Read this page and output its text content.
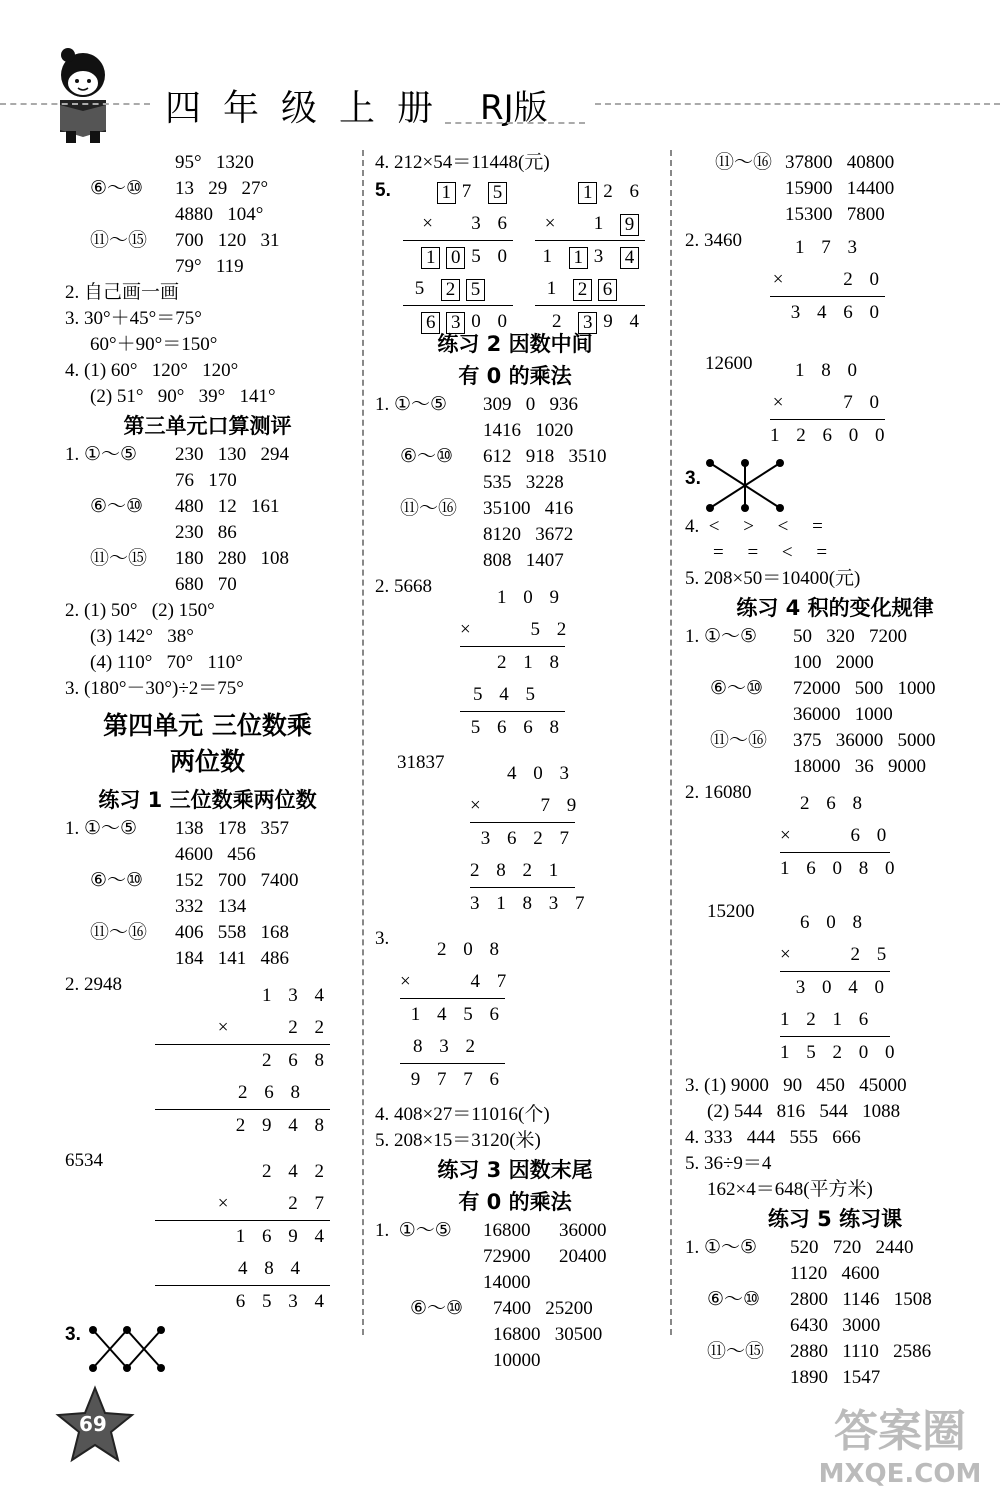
四年级上册 RJ版
95°   1320
⑥～⑩ 13   29   27°
4880   104°
⑪～⑮ 700   120   31
79°   119
2. 自己画一画
3. 30°＋45°＝75°
60°＋90°＝150°
4. (1) 60°   120°   120°
(2) 51°   90°   39°   141°
第三单元口算测评
1. ①～⑤ 230   130   294
76   170
⑥～⑩ 480   12   161
230   86
⑪～⑮ 180   280   108
680   70
2. (1) 50°   (2) 150°
(3) 142°   38°
(4) 110°   70°   110°
3. (180°－30°)÷2＝75°
第四单元 三位数乘
两位数
练习 1 三位数乘两位数
1. ①～⑤ 138   178   357
4600   456
⑥～⑩ 152   700   7400
332   134
⑪～⑯ 406   558   168
184   141   486
2. 2948
1 3 4
×     2 2
2 6 8
2 6 8
2 9 4 8
6534
2 4 2
×     2 7
1 6 9 4
4 8 4
6 5 3 4
3.
4. 212×54＝11448(元)
5.	1 7 5
×   3 6
1 0 5 0
5 2 5
6 3 0 0
1 2 6
×   1 9
1 1 3 4
1 2 6
2 3 9 4
练习 2 因数中间
有 0 的乘法
1. ①～⑤ 309   0   936
1416   1020
⑥～⑩ 612   918   3510
535   3228
⑪～⑯ 35100   416
8120   3672
808   1407
2. 5668
1 0 9
×     5 2
2 1 8
5 4 5
5 6 6 8
31837
4 0 3
×     7 9
3 6 2 7
2 8 2 1
3 1 8 3 7
3.
2 0 8
×     4 7
1 4 5 6
8 3 2
9 7 7 6
4. 408×27＝11016(个)
5. 208×15＝3120(米)
练习 3 因数末尾
有 0 的乘法
1.  ①～⑤ 16800      36000
72900      20400
14000
⑥～⑩ 7400   25200
16800   30500
10000
⑪～⑯ 37800   40800
15900   14400
15300   7800
2. 3460	1 7 3
×     2 0
3 4 6 0
12600	1 8 0
×     7 0
1 2 6 0 0
3.
4.  <     >     <     =
=     =     <     =
5. 208×50＝10400(元)
练习 4 积的变化规律
1. ①～⑤ 50   320   7200
100   2000
⑥～⑩ 72000   500   1000
36000   1000
⑪～⑯ 375   36000   5000
18000   36   9000
2. 16080
2 6 8
×     6 0
1 6 0 8 0
15200
6 0 8
×     2 5
3 0 4 0
1 2 1 6
1 5 2 0 0
3. (1) 9000   90   450   45000
(2) 544   816   544   1088
4. 333   444   555   666
5. 36÷9＝4
162×4＝648(平方米)
练习 5 练习课
1. ①～⑤ 520   720   2440
1120   4600
⑥～⑩ 2800   1146   1508
6430   3000
⑪～⑮ 2880   1110   2586
1890   1547
69	答案圈
MXQE.COM
